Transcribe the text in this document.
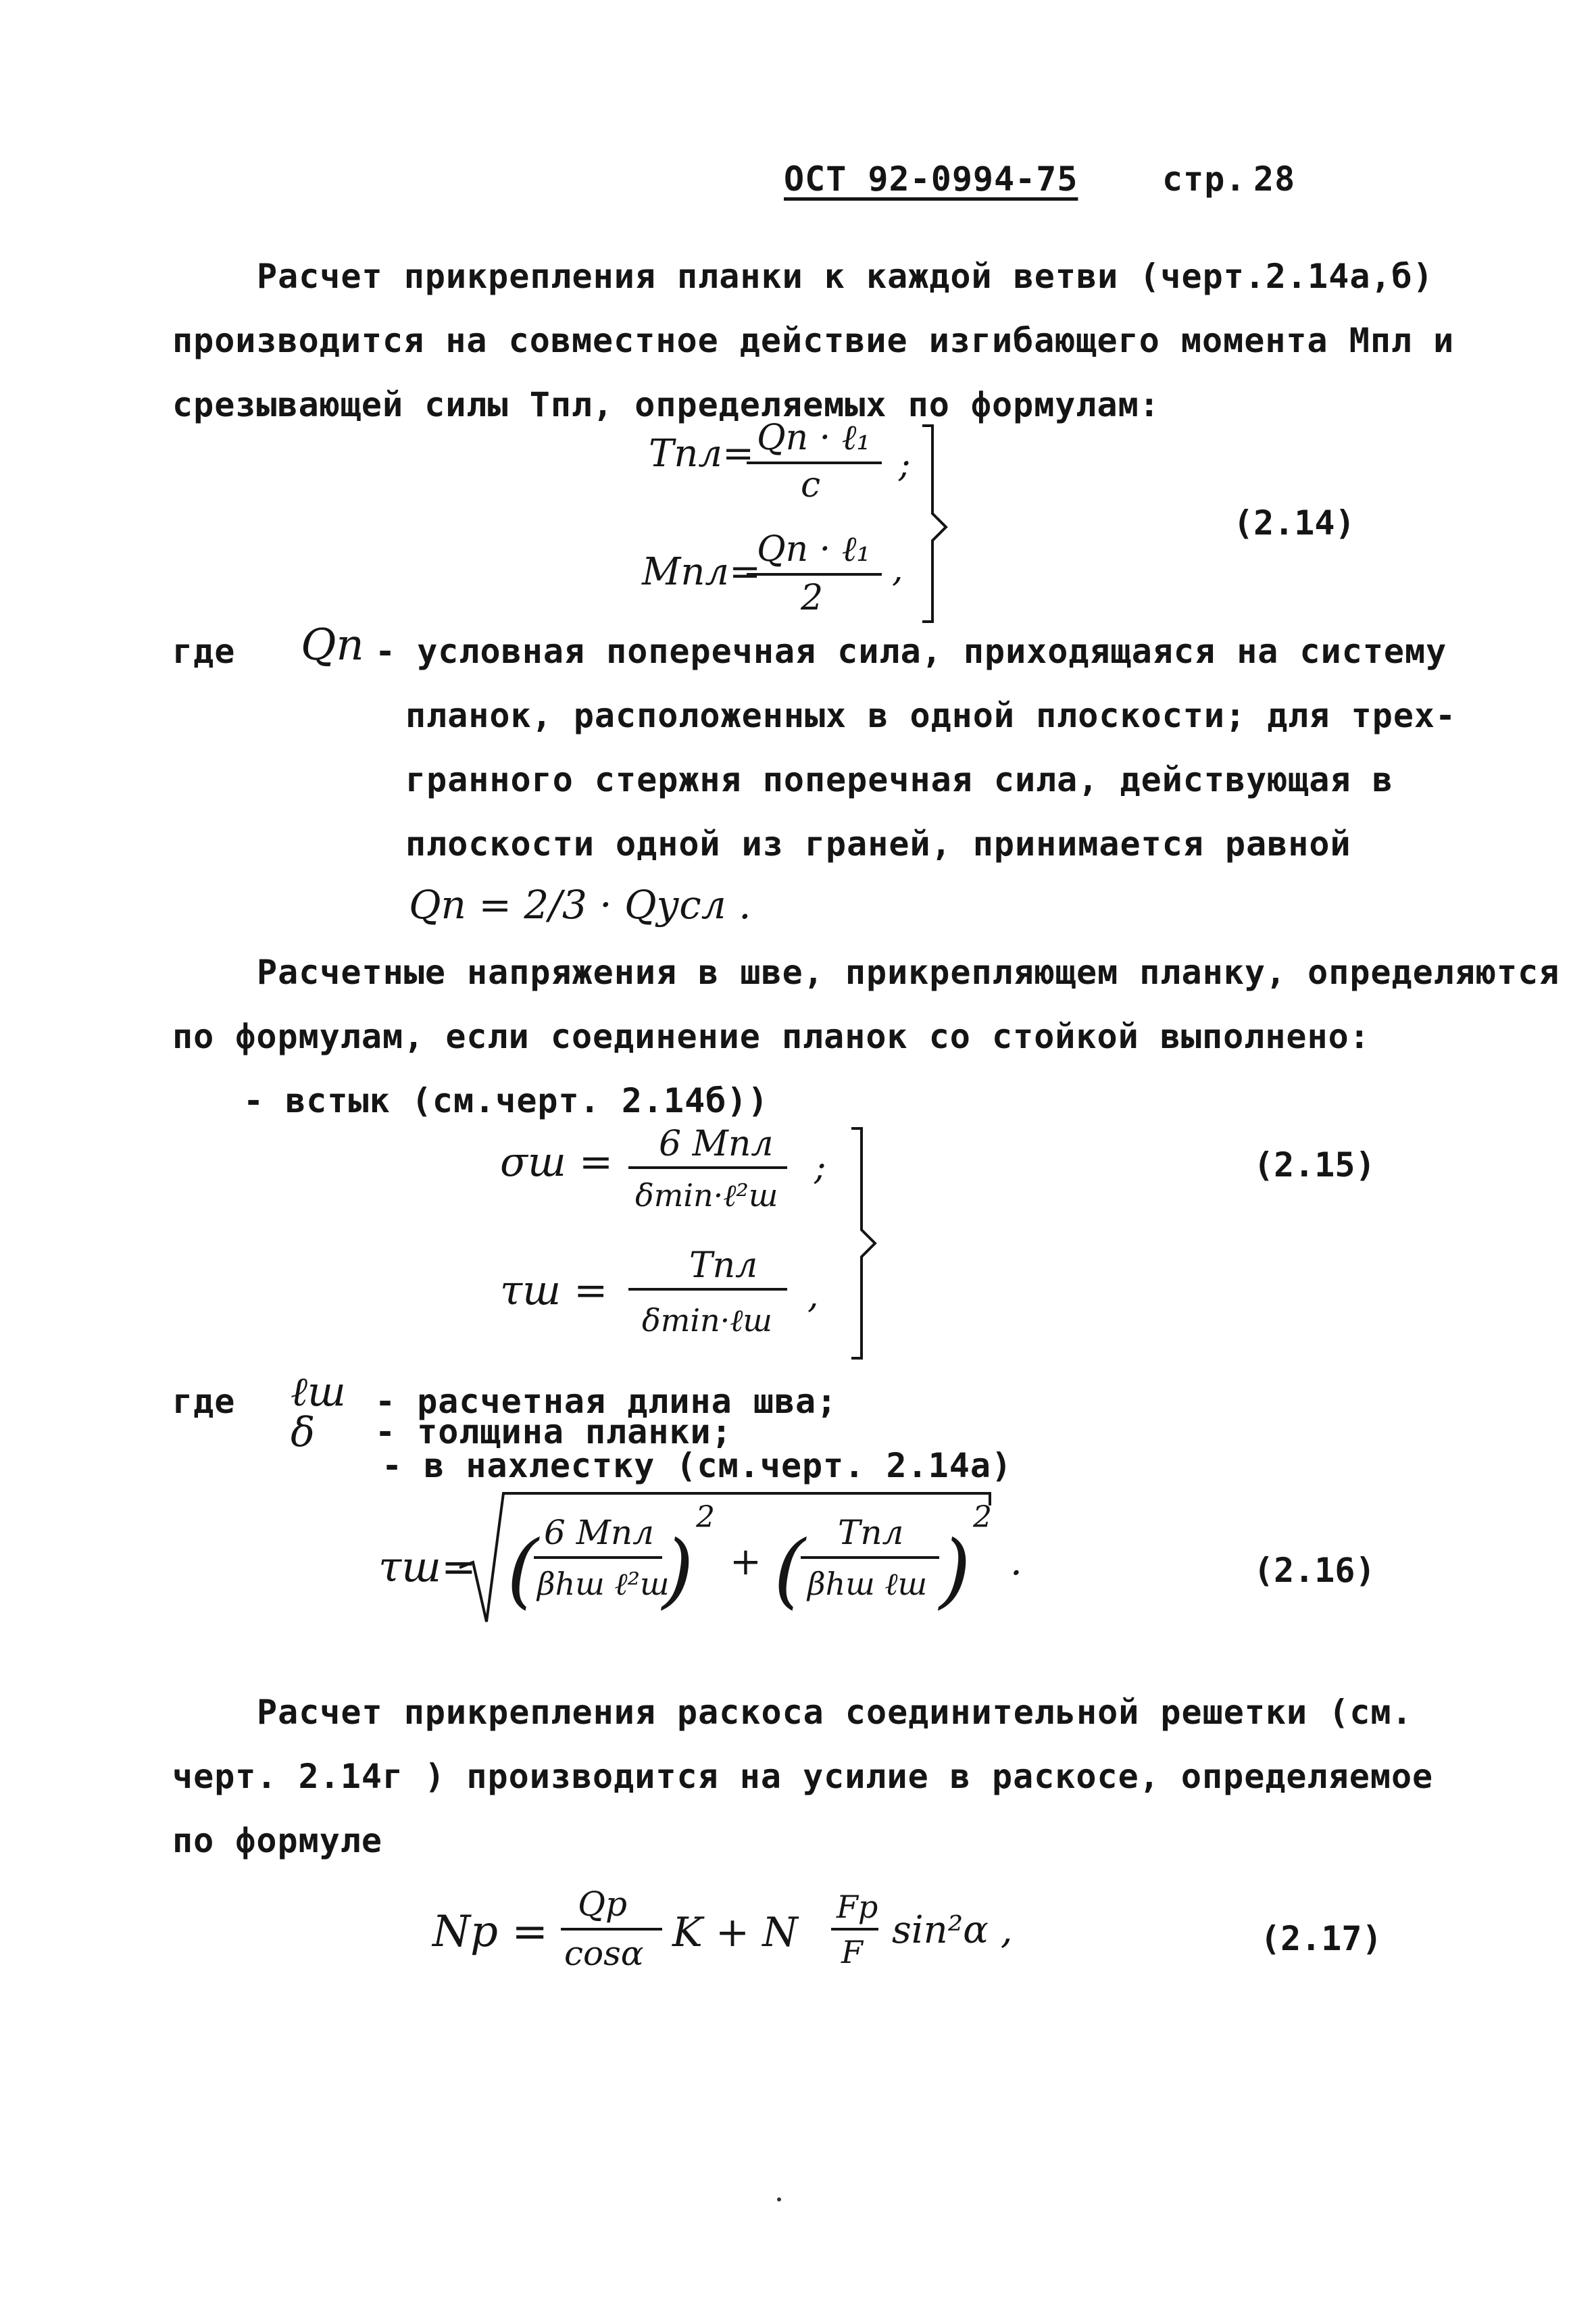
ОСТ 92-0994-75 стр. 28
Расчет прикрепления планки к каждой ветви (черт.2.14а,б)
производится на совместное действие изгибающего момента Мпл и
срезывающей силы Тпл, определяемых по формулам:
Tпл= Qп · ℓ₁
c ;
Mпл=
Qп · ℓ₁
2
,
(2.14)
где Qп - условная поперечная сила, приходящаяся на систему
планок, расположенных в одной плоскости; для трех-
гранного стержня поперечная сила, действующая в
плоскости одной из граней, принимается равной
Qп = 2/3 · Qусл .
Расчетные напряжения в шве, прикрепляющем планку, определяются
по формулам, если соединение планок со стойкой выполнено:
- встык (см.черт. 2.14б))
σш = 6 Mпл
δmin·ℓ²ш
;
τш =
Tпл
δmin·ℓш
,
(2.15)
где ℓш - расчетная длина шва;
δ - толщина планки;
- в нахлестку (см.черт. 2.14а)
τш= ( 6 Mпл
βhш ℓ²ш
)
2
+ ( Tпл
βhш ℓш )
2
.	(2.16)
Расчет прикрепления раскоса соединительной решетки (см.
черт. 2.14г ) производится на усилие в раскосе, определяемое
по формуле
Np =
Qp
cosα K + N
Fp
F sin²α ,	(2.17)
